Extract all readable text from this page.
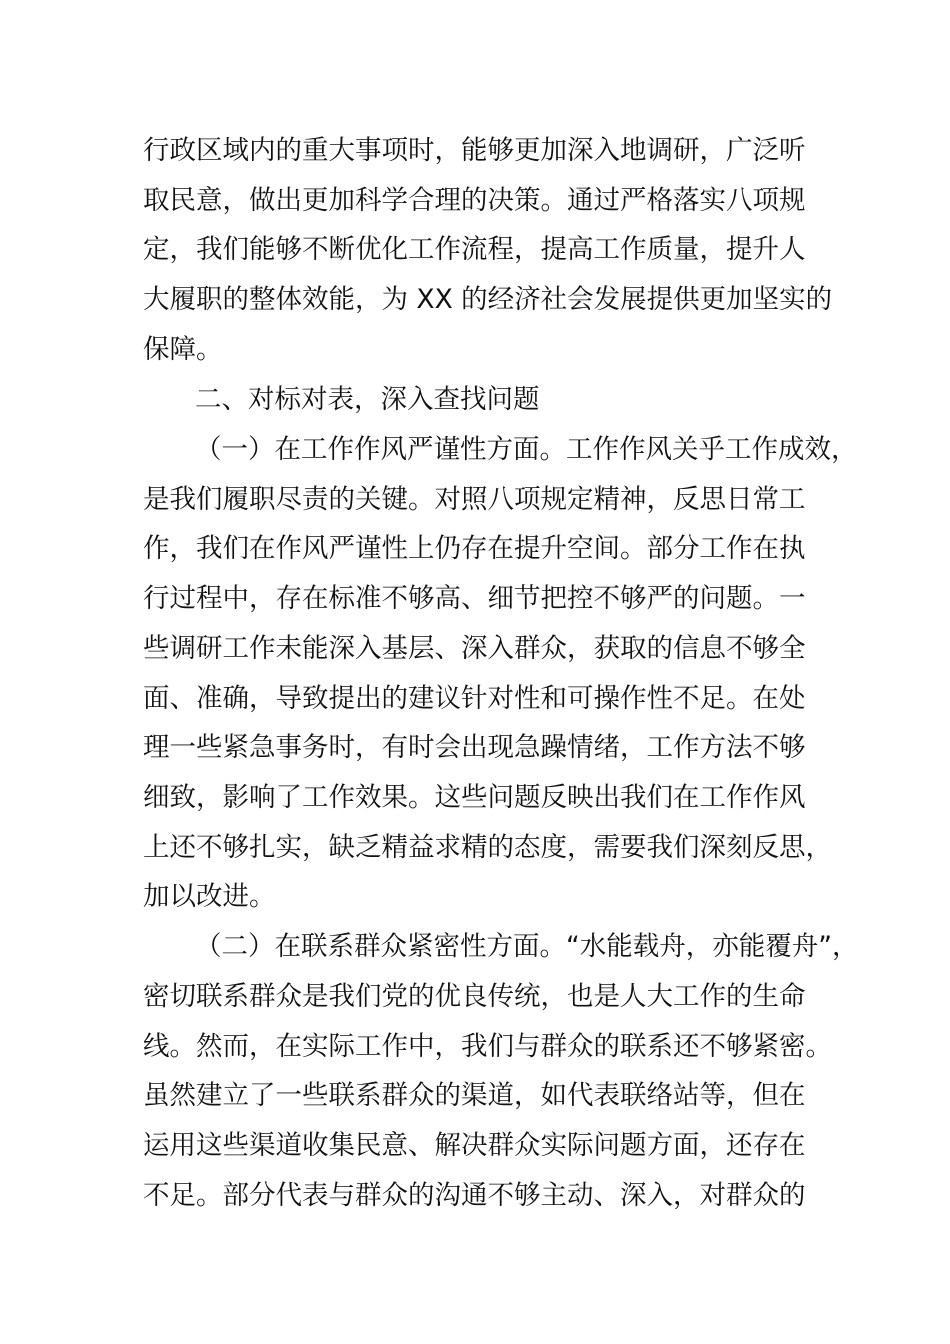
行政区域内的重大事项时，能够更加深入地调研，广泛听
取民意，做出更加科学合理的决策。通过严格落实八项规
定，我们能够不断优化工作流程，提高工作质量，提升人
大履职的整体效能，为 XX 的经济社会发展提供更加坚实的
保障。
二、对标对表，深入查找问题
（一）在工作作风严谨性方面。工作作风关乎工作成效，
是我们履职尽责的关键。对照八项规定精神，反思日常工
作，我们在作风严谨性上仍存在提升空间。部分工作在执
行过程中，存在标准不够高、细节把控不够严的问题。一
些调研工作未能深入基层、深入群众，获取的信息不够全
面、准确，导致提出的建议针对性和可操作性不足。在处
理一些紧急事务时，有时会出现急躁情绪，工作方法不够
细致，影响了工作效果。这些问题反映出我们在工作作风
上还不够扎实，缺乏精益求精的态度，需要我们深刻反思，
加以改进。
（二）在联系群众紧密性方面。“水能载舟，亦能覆舟”，
密切联系群众是我们党的优良传统，也是人大工作的生命
线。然而，在实际工作中，我们与群众的联系还不够紧密。
虽然建立了一些联系群众的渠道，如代表联络站等，但在
运用这些渠道收集民意、解决群众实际问题方面，还存在
不足。部分代表与群众的沟通不够主动、深入，对群众的
